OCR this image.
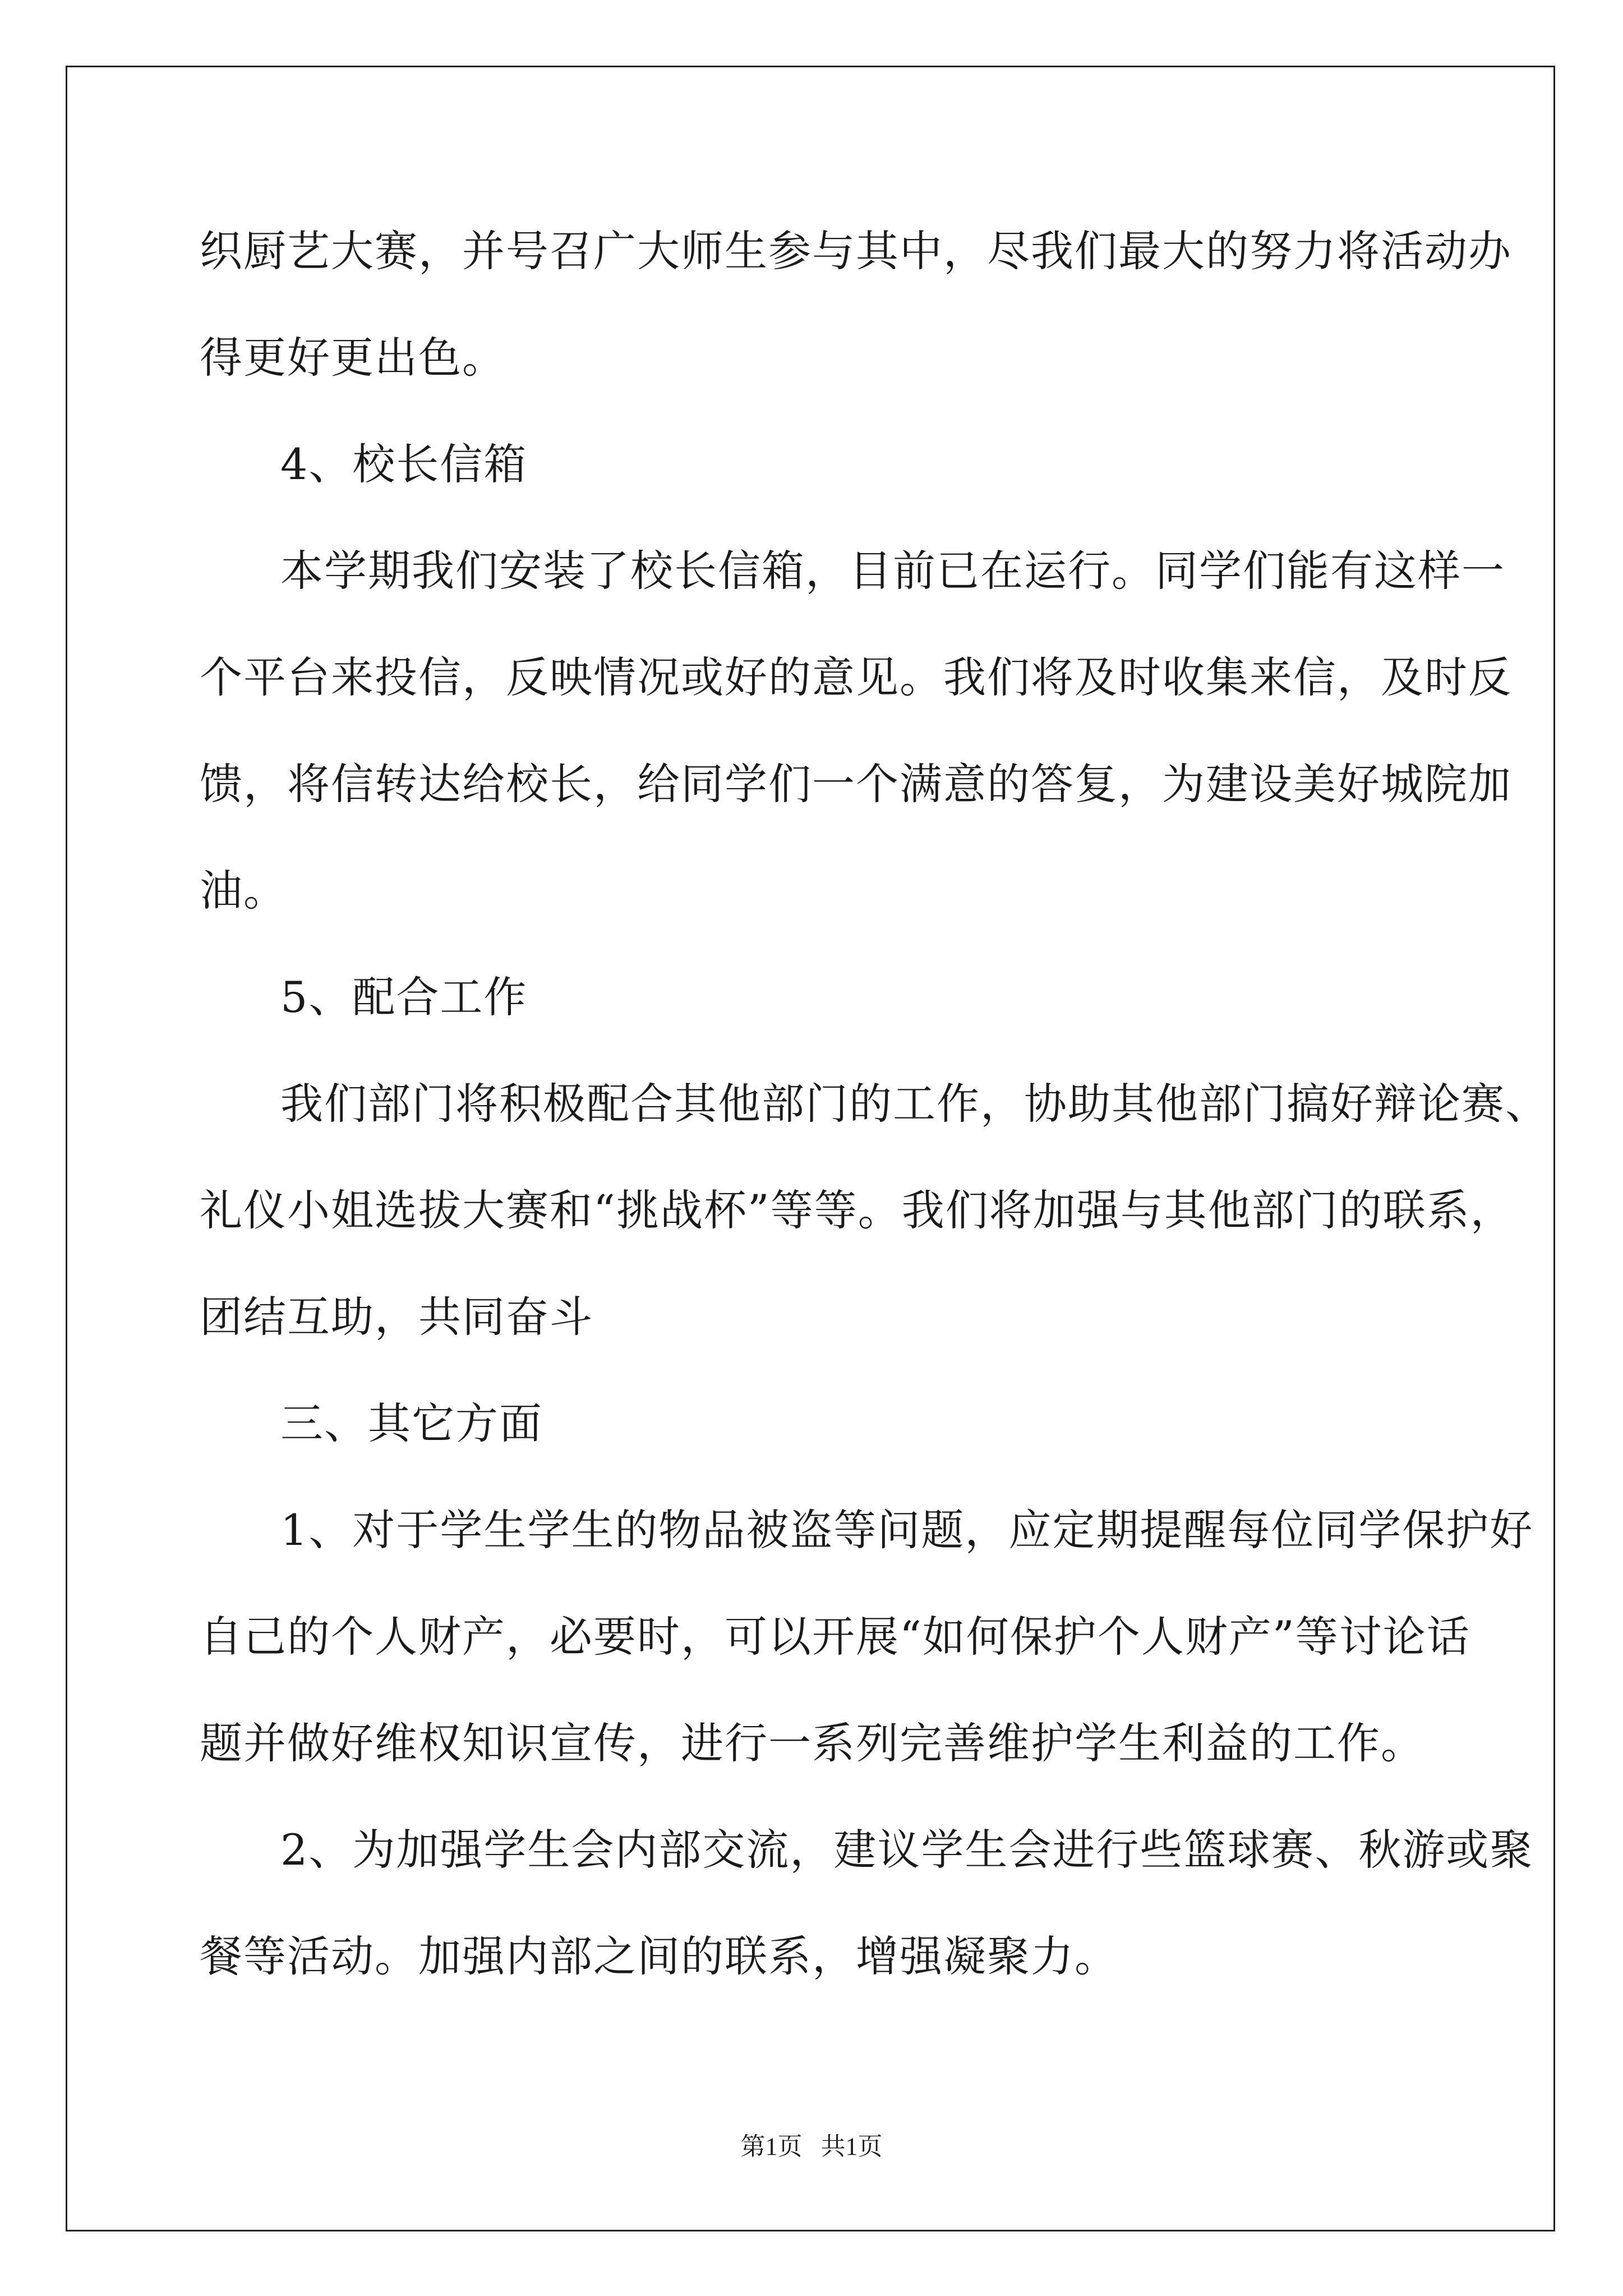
织厨艺大赛，并号召广大师生参与其中，尽我们最大的努力将活动办

得更好更出色。

4、校长信箱

本学期我们安装了校长信箱，目前已在运行。同学们能有这样一

个平台来投信，反映情况或好的意见。我们将及时收集来信，及时反

馈，将信转达给校长，给同学们一个满意的答复，为建设美好城院加

油。

5、配合工作

我们部门将积极配合其他部门的工作，协助其他部门搞好辩论赛、

礼仪小姐选拔大赛和“挑战杯”等等。我们将加强与其他部门的联系，

团结互助，共同奋斗

三、其它方面

1、对于学生学生的物品被盗等问题，应定期提醒每位同学保护好

自己的个人财产，必要时，可以开展“如何保护个人财产”等讨论话

题并做好维权知识宣传，进行一系列完善维护学生利益的工作。

2、为加强学生会内部交流，建议学生会进行些篮球赛、秋游或聚

餐等活动。加强内部之间的联系，增强凝聚力。

第1页   共1页
